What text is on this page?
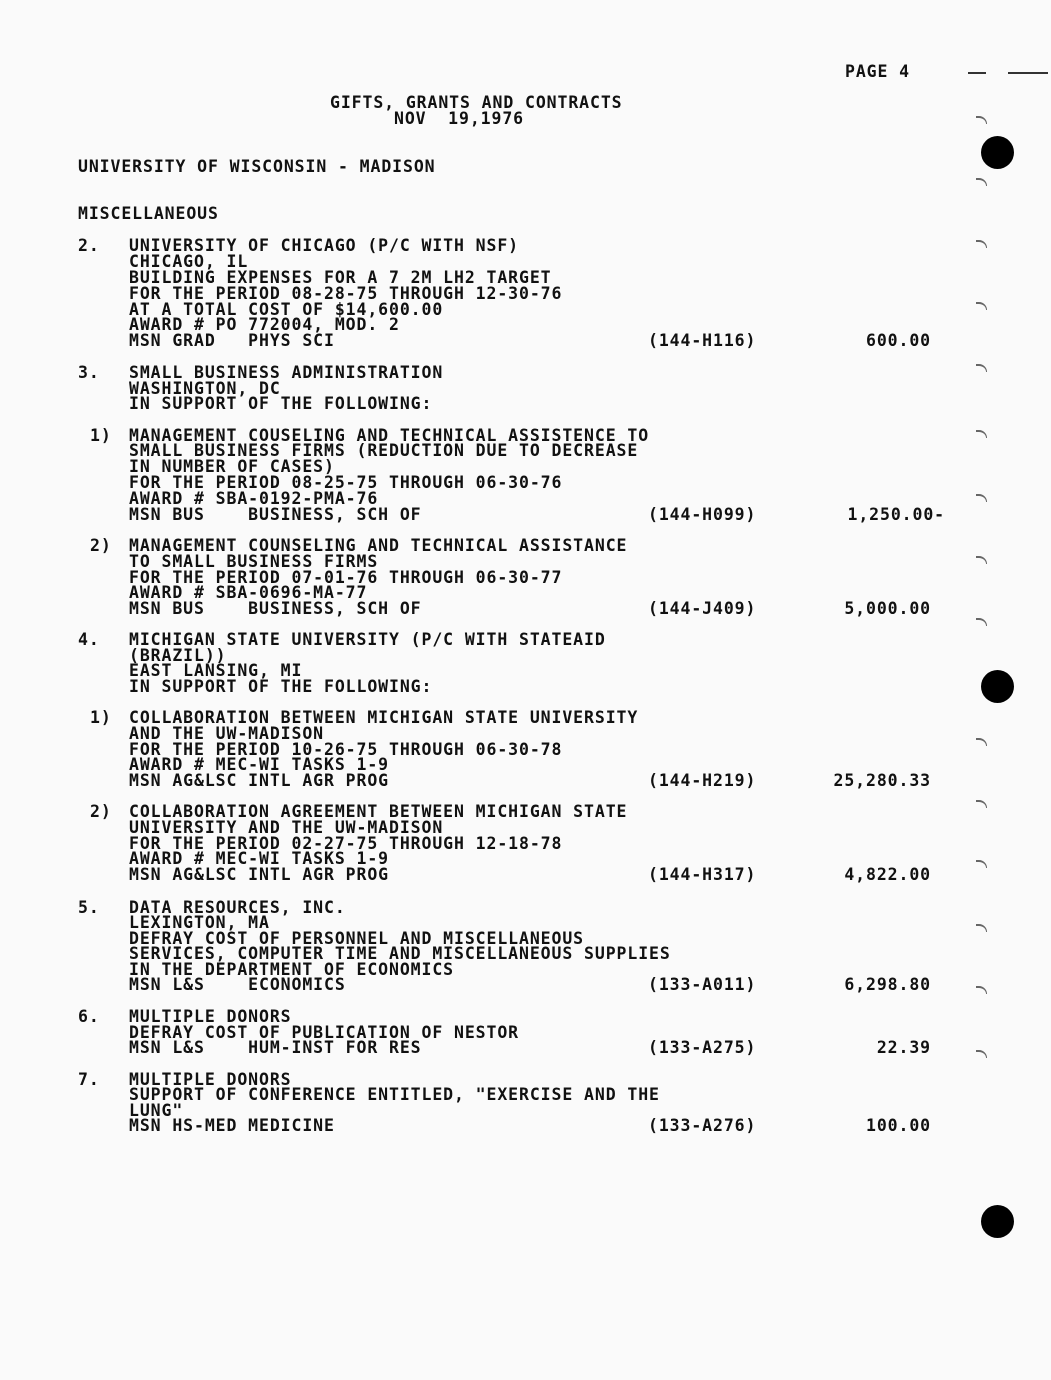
PAGE 4
GIFTS, GRANTS AND CONTRACTS
NOV  19,1976
UNIVERSITY OF WISCONSIN - MADISON
MISCELLANEOUS
2. UNIVERSITY OF CHICAGO (P/C WITH NSF)
CHICAGO, IL
BUILDING EXPENSES FOR A 7 2M LH2 TARGET
FOR THE PERIOD 08-28-75 THROUGH 12-30-76
AT A TOTAL COST OF $14,600.00
AWARD # PO 772004, MOD. 2
MSN GRAD   PHYS SCI	(144-H116)	600.00
3. SMALL BUSINESS ADMINISTRATION
WASHINGTON, DC
IN SUPPORT OF THE FOLLOWING:
1) MANAGEMENT COUSELING AND TECHNICAL ASSISTENCE TO
SMALL BUSINESS FIRMS (REDUCTION DUE TO DECREASE
IN NUMBER OF CASES)
FOR THE PERIOD 08-25-75 THROUGH 06-30-76
AWARD # SBA-0192-PMA-76
MSN BUS    BUSINESS, SCH OF	(144-H099)	1,250.00-
2) MANAGEMENT COUNSELING AND TECHNICAL ASSISTANCE
TO SMALL BUSINESS FIRMS
FOR THE PERIOD 07-01-76 THROUGH 06-30-77
AWARD # SBA-0696-MA-77
MSN BUS    BUSINESS, SCH OF	(144-J409)	5,000.00
4. MICHIGAN STATE UNIVERSITY (P/C WITH STATEAID
(BRAZIL))
EAST LANSING, MI
IN SUPPORT OF THE FOLLOWING:
1) COLLABORATION BETWEEN MICHIGAN STATE UNIVERSITY
AND THE UW-MADISON
FOR THE PERIOD 10-26-75 THROUGH 06-30-78
AWARD # MEC-WI TASKS 1-9
MSN AG&LSC INTL AGR PROG	(144-H219)	25,280.33
2) COLLABORATION AGREEMENT BETWEEN MICHIGAN STATE
UNIVERSITY AND THE UW-MADISON
FOR THE PERIOD 02-27-75 THROUGH 12-18-78
AWARD # MEC-WI TASKS 1-9
MSN AG&LSC INTL AGR PROG	(144-H317)	4,822.00
5. DATA RESOURCES, INC.
LEXINGTON, MA
DEFRAY COST OF PERSONNEL AND MISCELLANEOUS
SERVICES, COMPUTER TIME AND MISCELLANEOUS SUPPLIES
IN THE DEPARTMENT OF ECONOMICS
MSN L&S    ECONOMICS	(133-A011)	6,298.80
6. MULTIPLE DONORS
DEFRAY COST OF PUBLICATION OF NESTOR
MSN L&S    HUM-INST FOR RES	(133-A275)	22.39
7. MULTIPLE DONORS
SUPPORT OF CONFERENCE ENTITLED, "EXERCISE AND THE
LUNG"
MSN HS-MED MEDICINE	(133-A276)	100.00
